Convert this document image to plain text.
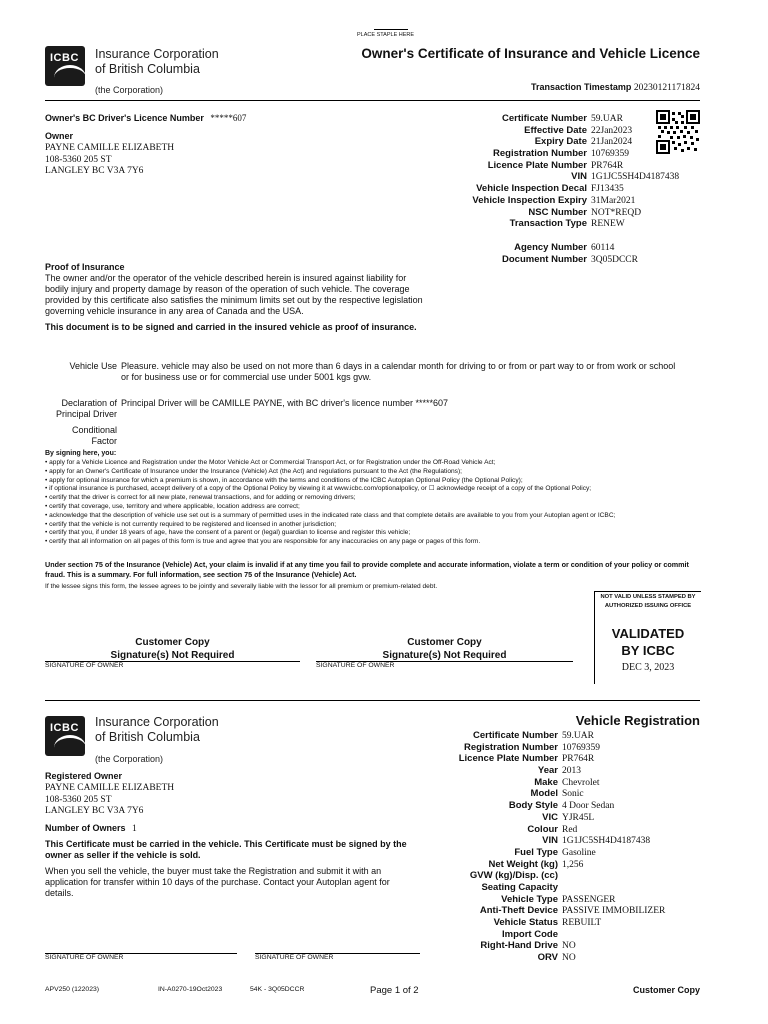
PLACE STAPLE HERE
ICBC Insurance Corporation
of British Columbia
(the Corporation)
Owner's Certificate of Insurance and Vehicle Licence
Transaction Timestamp 20230121171824
Owner's BC Driver's Licence Number *****607
Owner
PAYNE CAMILLE ELIZABETH
108-5360 205 ST
LANGLEY BC V3A 7Y6
Certificate Number 59.UAR
Effective Date 22Jan2023
Expiry Date 21Jan2024
Registration Number 10769359
Licence Plate Number PR764R
VIN 1G1JC5SH4D4187438
Vehicle Inspection Decal FJ13435
Vehicle Inspection Expiry 31Mar2021
NSC Number NOT*REQD
Transaction Type RENEW
Agency Number 60114
Document Number 3Q05DCCR
Proof of Insurance
The owner and/or the operator of the vehicle described herein is insured against liability for bodily injury and property damage by reason of the operation of such vehicle. The coverage provided by this certificate also satisfies the minimum limits set out by the respective legislation governing vehicle insurance in any area of Canada and the USA.
This document is to be signed and carried in the insured vehicle as proof of insurance.
Vehicle Use Pleasure. vehicle may also be used on not more than 6 days in a calendar month for driving to or from or part way to or from work or school or for business use or for commercial use under 5001 kgs gvw.
Declaration of
Principal Driver
Principal Driver will be CAMILLE PAYNE, with BC driver's licence number *****607
Conditional
Factor
By signing here, you:
• apply for a Vehicle Licence and Registration under the Motor Vehicle Act or Commercial Transport Act, or for Registration under the Off-Road Vehicle Act;
• apply for an Owner's Certificate of Insurance under the Insurance (Vehicle) Act (the Act) and regulations pursuant to the Act (the Regulations);
• apply for optional insurance for which a premium is shown, in accordance with the terms and conditions of the ICBC Autoplan Optional Policy (the Optional Policy);
• if optional insurance is purchased, accept delivery of a copy of the Optional Policy by viewing it at www.icbc.com/optionalpolicy, or ☐ acknowledge receipt of a copy of the Optional Policy;
• certify that the driver is correct for all new plate, renewal transactions, and for adding or removing drivers;
• certify that coverage, use, territory and where applicable, location address are correct;
• acknowledge that the description of vehicle use set out is a summary of permitted uses in the indicated rate class and that complete details are available to you from your Autoplan agent or ICBC;
• certify that the vehicle is not currently required to be registered and licensed in another jurisdiction;
• certify that you, if under 18 years of age, have the consent of a parent or (legal) guardian to license and register this vehicle;
• certify that all information on all pages of this form is true and agree that you are responsible for any inaccuracies on any page or pages of this form.
Under section 75 of the Insurance (Vehicle) Act, your claim is invalid if at any time you fail to provide complete and accurate information, violate a term or condition of your policy or commit fraud. This is a summary. For full information, see section 75 of the Insurance (Vehicle) Act.
If the lessee signs this form, the lessee agrees to be jointly and severally liable with the lessor for all premium or premium-related debt.
NOT VALID UNLESS STAMPED BY AUTHORIZED ISSUING OFFICE
VALIDATED
BY ICBC
DEC 3, 2023
Customer Copy
Signature(s) Not Required
SIGNATURE OF OWNER
Customer Copy
Signature(s) Not Required
SIGNATURE OF OWNER
ICBC Insurance Corporation
of British Columbia
(the Corporation)
Vehicle Registration
Registered Owner
PAYNE CAMILLE ELIZABETH
108-5360 205 ST
LANGLEY BC V3A 7Y6
Number of Owners 1
This Certificate must be carried in the vehicle. This Certificate must be signed by the owner as seller if the vehicle is sold.
When you sell the vehicle, the buyer must take the Registration and submit it with an application for transfer within 10 days of the purchase. Contact your Autoplan agent for details.
Certificate Number 59.UAR
Registration Number 10769359
Licence Plate Number PR764R
Year 2013
Make Chevrolet
Model Sonic
Body Style 4 Door Sedan
VIC YJR45L
Colour Red
VIN 1G1JC5SH4D4187438
Fuel Type Gasoline
Net Weight (kg) 1,256
GVW (kg)/Disp. (cc)
Seating Capacity
Vehicle Type PASSENGER
Anti-Theft Device PASSIVE IMMOBILIZER
Vehicle Status REBUILT
Import Code
Right-Hand Drive NO
ORV NO
SIGNATURE OF OWNER	SIGNATURE OF OWNER
APV250 (122023)	IN-A0270-19Oct2023	54K - 3Q05DCCR	Page 1 of 2	Customer Copy
